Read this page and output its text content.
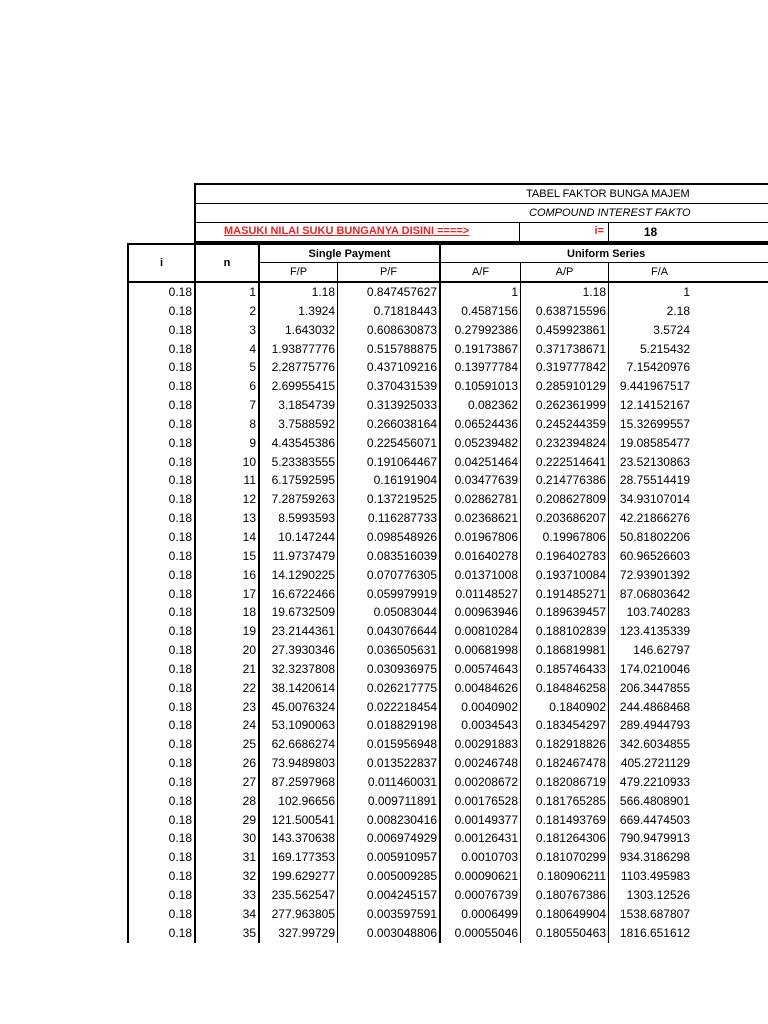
TABEL FAKTOR BUNGA MAJEM
COMPOUND INTEREST FAKTO
MASUKI NILAI SUKU BUNGANYA DISINI ====>	i=
18
i	n
Single Payment	Uniform Series
F/P	P/F	A/F	A/P	F/A
0.18	1	1.18	0.847457627	1	1.18	1
0.18	2	1.3924	0.71818443	0.4587156	0.638715596	2.18
0.18	3	1.643032	0.608630873	0.27992386	0.459923861	3.5724
0.18	4	1.93877776	0.515788875	0.19173867	0.371738671	5.215432
0.18	5	2.28775776	0.437109216	0.13977784	0.319777842	7.15420976
0.18	6	2.69955415	0.370431539	0.10591013	0.285910129	9.441967517
0.18	7	3.1854739	0.313925033	0.082362	0.262361999	12.14152167
0.18	8	3.7588592	0.266038164	0.06524436	0.245244359	15.32699557
0.18	9	4.43545386	0.225456071	0.05239482	0.232394824	19.08585477
0.18	10	5.23383555	0.191064467	0.04251464	0.222514641	23.52130863
0.18	11	6.17592595	0.16191904	0.03477639	0.214776386	28.75514419
0.18	12	7.28759263	0.137219525	0.02862781	0.208627809	34.93107014
0.18	13	8.5993593	0.116287733	0.02368621	0.203686207	42.21866276
0.18	14	10.147244	0.098548926	0.01967806	0.19967806	50.81802206
0.18	15	11.9737479	0.083516039	0.01640278	0.196402783	60.96526603
0.18	16	14.1290225	0.070776305	0.01371008	0.193710084	72.93901392
0.18	17	16.6722466	0.059979919	0.01148527	0.191485271	87.06803642
0.18	18	19.6732509	0.05083044	0.00963946	0.189639457	103.740283
0.18	19	23.2144361	0.043076644	0.00810284	0.188102839	123.4135339
0.18	20	27.3930346	0.036505631	0.00681998	0.186819981	146.62797
0.18	21	32.3237808	0.030936975	0.00574643	0.185746433	174.0210046
0.18	22	38.1420614	0.026217775	0.00484626	0.184846258	206.3447855
0.18	23	45.0076324	0.022218454	0.0040902	0.1840902	244.4868468
0.18	24	53.1090063	0.018829198	0.0034543	0.183454297	289.4944793
0.18	25	62.6686274	0.015956948	0.00291883	0.182918826	342.6034855
0.18	26	73.9489803	0.013522837	0.00246748	0.182467478	405.2721129
0.18	27	87.2597968	0.011460031	0.00208672	0.182086719	479.2210933
0.18	28	102.96656	0.009711891	0.00176528	0.181765285	566.4808901
0.18	29	121.500541	0.008230416	0.00149377	0.181493769	669.4474503
0.18	30	143.370638	0.006974929	0.00126431	0.181264306	790.9479913
0.18	31	169.177353	0.005910957	0.0010703	0.181070299	934.3186298
0.18	32	199.629277	0.005009285	0.00090621	0.180906211	1103.495983
0.18	33	235.562547	0.004245157	0.00076739	0.180767386	1303.12526
0.18	34	277.963805	0.003597591	0.0006499	0.180649904	1538.687807
0.18	35	327.99729	0.003048806	0.00055046	0.180550463	1816.651612
